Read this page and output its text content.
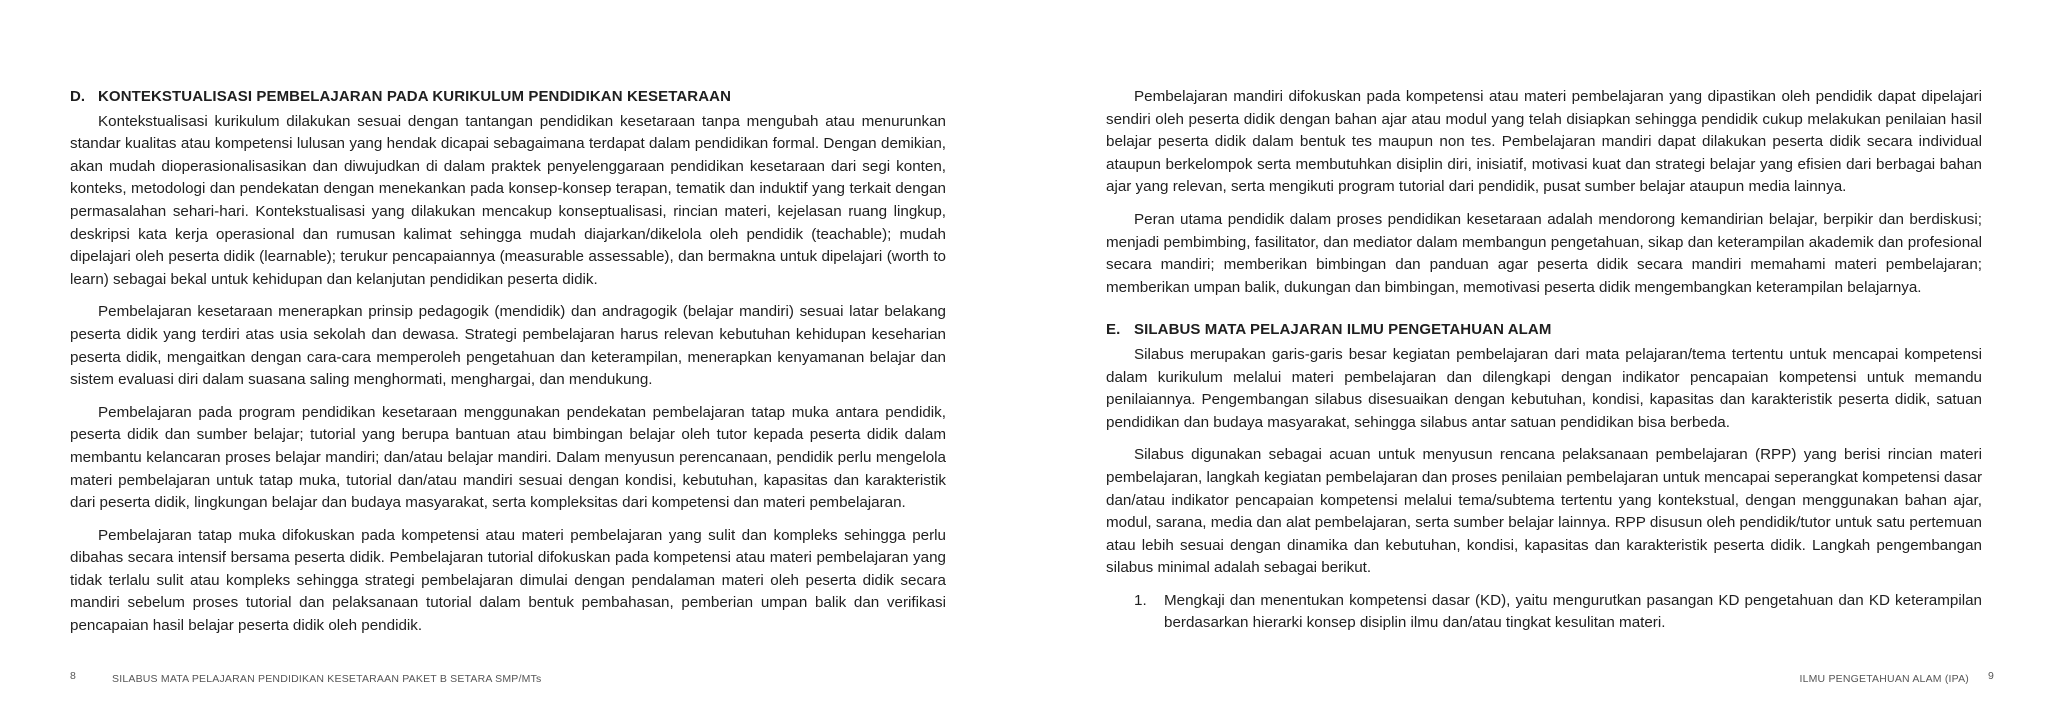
D. KONTEKSTUALISASI PEMBELAJARAN PADA KURIKULUM PENDIDIKAN KESETARAAN

Kontekstualisasi kurikulum dilakukan sesuai dengan tantangan pendidikan kesetaraan tanpa mengubah atau menurunkan standar kualitas atau kompetensi lulusan yang hendak dicapai sebagaimana terdapat dalam pendidikan formal. Dengan demikian, akan mudah dioperasionalisasikan dan diwujudkan di dalam praktek penyelenggaraan pendidikan kesetaraan dari segi konten, konteks, metodologi dan pendekatan dengan menekankan pada konsep-konsep terapan, tematik dan induktif yang terkait dengan permasalahan sehari-hari. Kontekstualisasi yang dilakukan mencakup konseptualisasi, rincian materi, kejelasan ruang lingkup, deskripsi kata kerja operasional dan rumusan kalimat sehingga mudah diajarkan/dikelola oleh pendidik (teachable); mudah dipelajari oleh peserta didik (learnable); terukur pencapaiannya (measurable assessable), dan bermakna untuk dipelajari (worth to learn) sebagai bekal untuk kehidupan dan kelanjutan pendidikan peserta didik.

Pembelajaran kesetaraan menerapkan prinsip pedagogik (mendidik) dan andragogik (belajar mandiri) sesuai latar belakang peserta didik yang terdiri atas usia sekolah dan dewasa. Strategi pembelajaran harus relevan kebutuhan kehidupan keseharian peserta didik, mengaitkan dengan cara-cara memperoleh pengetahuan dan keterampilan, menerapkan kenyamanan belajar dan sistem evaluasi diri dalam suasana saling menghormati, menghargai, dan mendukung.

Pembelajaran pada program pendidikan kesetaraan menggunakan pendekatan pembelajaran tatap muka antara pendidik, peserta didik dan sumber belajar; tutorial yang berupa bantuan atau bimbingan belajar oleh tutor kepada peserta didik dalam membantu kelancaran proses belajar mandiri; dan/atau belajar mandiri. Dalam menyusun perencanaan, pendidik perlu mengelola materi pembelajaran untuk tatap muka, tutorial dan/atau mandiri sesuai dengan kondisi, kebutuhan, kapasitas dan karakteristik dari peserta didik, lingkungan belajar dan budaya masyarakat, serta kompleksitas dari kompetensi dan materi pembelajaran.

Pembelajaran tatap muka difokuskan pada kompetensi atau materi pembelajaran yang sulit dan kompleks sehingga perlu dibahas secara intensif bersama peserta didik. Pembelajaran tutorial difokuskan pada kompetensi atau materi pembelajaran yang tidak terlalu sulit atau kompleks sehingga strategi pembelajaran dimulai dengan pendalaman materi oleh peserta didik secara mandiri sebelum proses tutorial dan pelaksanaan tutorial dalam bentuk pembahasan, pemberian umpan balik dan verifikasi pencapaian hasil belajar peserta didik oleh pendidik.

8	SILABUS MATA PELAJARAN PENDIDIKAN KESETARAAN PAKET B SETARA SMP/MTs

Pembelajaran mandiri difokuskan pada kompetensi atau materi pembelajaran yang dipastikan oleh pendidik dapat dipelajari sendiri oleh peserta didik dengan bahan ajar atau modul yang telah disiapkan sehingga pendidik cukup melakukan penilaian hasil belajar peserta didik dalam bentuk tes maupun non tes. Pembelajaran mandiri dapat dilakukan peserta didik secara individual ataupun berkelompok serta membutuhkan disiplin diri, inisiatif, motivasi kuat dan strategi belajar yang efisien dari berbagai bahan ajar yang relevan, serta mengikuti program tutorial dari pendidik, pusat sumber belajar ataupun media lainnya.

Peran utama pendidik dalam proses pendidikan kesetaraan adalah mendorong kemandirian belajar, berpikir dan berdiskusi; menjadi pembimbing, fasilitator, dan mediator dalam membangun pengetahuan, sikap dan keterampilan akademik dan profesional secara mandiri; memberikan bimbingan dan panduan agar peserta didik secara mandiri memahami materi pembelajaran; memberikan umpan balik, dukungan dan bimbingan, memotivasi peserta didik mengembangkan keterampilan belajarnya.

E. SILABUS MATA PELAJARAN ILMU PENGETAHUAN ALAM

Silabus merupakan garis-garis besar kegiatan pembelajaran dari mata pelajaran/tema tertentu untuk mencapai kompetensi dalam kurikulum melalui materi pembelajaran dan dilengkapi dengan indikator pencapaian kompetensi untuk memandu penilaiannya. Pengembangan silabus disesuaikan dengan kebutuhan, kondisi, kapasitas dan karakteristik peserta didik, satuan pendidikan dan budaya masyarakat, sehingga silabus antar satuan pendidikan bisa berbeda.

Silabus digunakan sebagai acuan untuk menyusun rencana pelaksanaan pembelajaran (RPP) yang berisi rincian materi pembelajaran, langkah kegiatan pembelajaran dan proses penilaian pembelajaran untuk mencapai seperangkat kompetensi dasar dan/atau indikator pencapaian kompetensi melalui tema/subtema tertentu yang kontekstual, dengan menggunakan bahan ajar, modul, sarana, media dan alat pembelajaran, serta sumber belajar lainnya. RPP disusun oleh pendidik/tutor untuk satu pertemuan atau lebih sesuai dengan dinamika dan kebutuhan, kondisi, kapasitas dan karakteristik peserta didik. Langkah pengembangan silabus minimal adalah sebagai berikut.

1.	Mengkaji dan menentukan kompetensi dasar (KD), yaitu mengurutkan pasangan KD pengetahuan dan KD keterampilan berdasarkan hierarki konsep disiplin ilmu dan/atau tingkat kesulitan materi.
ILMU PENGETAHUAN ALAM (IPA) 9
